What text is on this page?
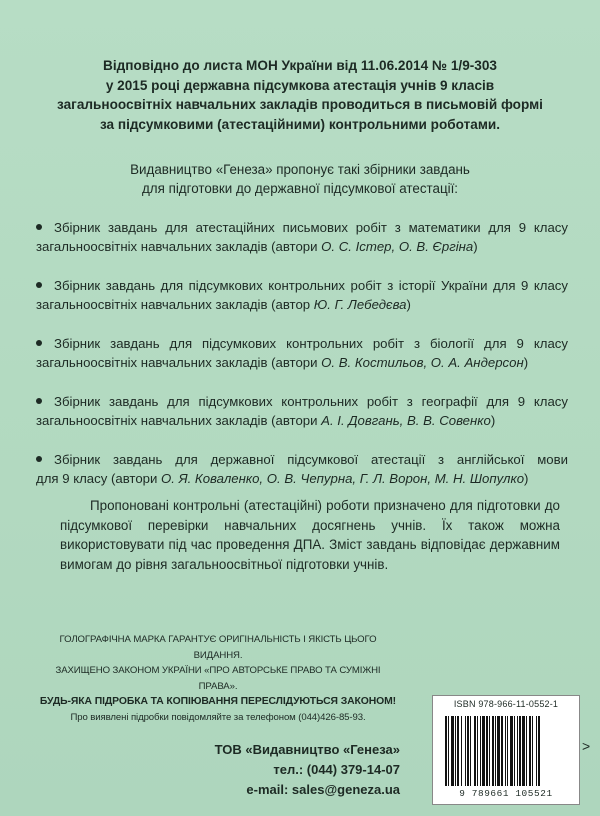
Відповідно до листа МОН України від 11.06.2014 № 1/9-303
у 2015 році державна підсумкова атестація учнів 9 класів
загальноосвітніх навчальних закладів проводиться в письмовій формі
за підсумковими (атестаційними) контрольними роботами.
Видавництво «Генеза» пропонує такі збірники завдань
для підготовки до державної підсумкової атестації:
Збірник завдань для атестаційних письмових робіт з математики для 9 класу
загальноосвітніх навчальних закладів (автори О. С. Істер, О. В. Єргіна)
Збірник завдань для підсумкових контрольних робіт з історії України для 9 класу
загальноосвітніх навчальних закладів (автор Ю. Г. Лебедєва)
Збірник завдань для підсумкових контрольних робіт з біології для 9 класу
загальноосвітніх навчальних закладів (автори О. В. Костильов, О. А. Андерсон)
Збірник завдань для підсумкових контрольних робіт з географії для 9 класу
загальноосвітніх навчальних закладів (автори А. І. Довгань, В. В. Совенко)
Збірник завдань для державної підсумкової атестації з англійської мови
для 9 класу (автори О. Я. Коваленко, О. В. Чепурна, Г. Л. Ворон, М. Н. Шопулко)
Пропоновані контрольні (атестаційні) роботи призначено для підготовки до підсумкової перевірки навчальних досягнень учнів. Їх також можна використовувати під час проведення ДПА. Зміст завдань відповідає державним вимогам до рівня загальноосвітньої підготовки учнів.
ГОЛОГРАФІЧНА МАРКА ГАРАНТУЄ ОРИГІНАЛЬНІСТЬ І ЯКІСТЬ ЦЬОГО ВИДАННЯ.
ЗАХИЩЕНО ЗАКОНОМ УКРАЇНИ «ПРО АВТОРСЬКЕ ПРАВО ТА СУМІЖНІ ПРАВА».
БУДЬ-ЯКА ПІДРОБКА ТА КОПІЮВАННЯ ПЕРЕСЛІДУЮТЬСЯ ЗАКОНОМ!
Про виявлені підробки повідомляйте за телефоном (044)426-85-93.
ТОВ «Видавництво «Генеза»
тел.: (044) 379-14-07
e-mail: sales@geneza.ua
ISBN 978-966-11-0552-1
9 789661 105521
>
